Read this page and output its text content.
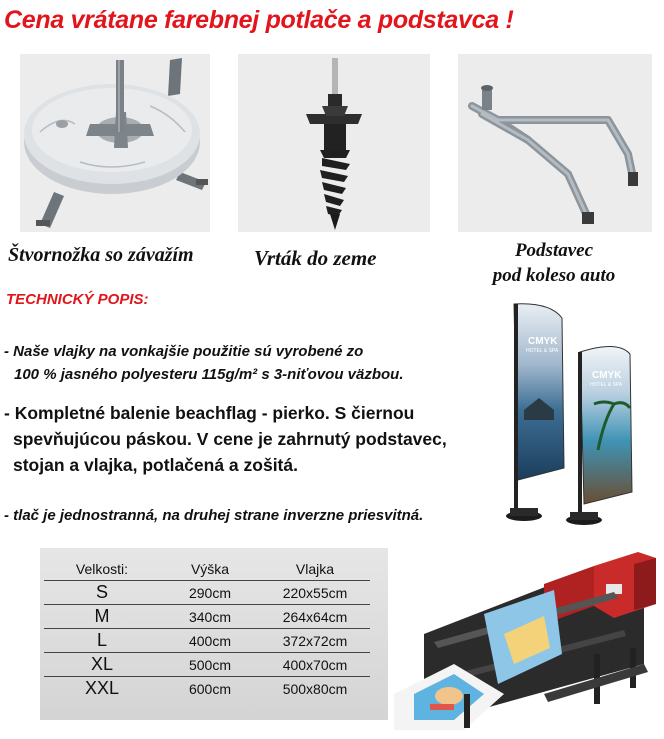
Cena vrátane farebnej potlače a podstavca !
Štvornožka so závažím	Vrták do zeme	Podstavec
pod koleso auto
TECHNICKÝ POPIS:
- Naše vlajky na vonkajšie použitie sú vyrobené zo
100 % jasného polyesteru 115g/m² s 3-niťovou väzbou.
- Kompletné balenie beachflag - pierko. S čiernou
spevňujúcou páskou. V cene je zahrnutý podstavec,
stojan a vlajka, potlačená a zošitá.
- tlač je jednostranná, na druhej strane inverzne priesvitná.
CMYK
HOTEL & SPA
CMYK
HOTEL & SPA
Velkosti:	Výška	Vlajka
S	290cm	220x55cm
M	340cm	264x64cm
L	400cm	372x72cm
XL	500cm	400x70cm
XXL	600cm	500x80cm
